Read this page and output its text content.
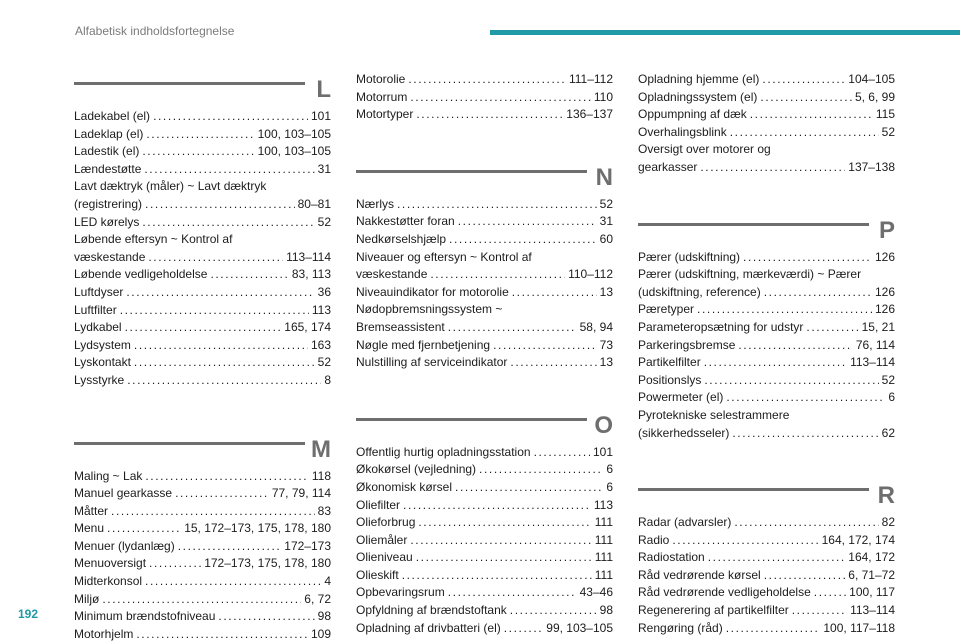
Alfabetisk indholdsfortegnelse
L
Ladekabel (el) .....	101
Ladeklap (el) .....	100, 103–105
Ladestik (el) .....	100, 103–105
Lændestøtte .....	31
Lavt dæktryk (måler) ~ Lavt dæktryk
(registrering) .....	80–81
LED kørelys .....	52
Løbende eftersyn ~ Kontrol af
væskestande .....	113–114
Løbende vedligeholdelse .....	83, 113
Luftdyser .....	36
Luftfilter .....	113
Lydkabel .....	165, 174
Lydsystem .....	163
Lyskontakt .....	52
Lysstyrke .....	8
M
Maling ~ Lak .....	118
Manuel gearkasse .....	77, 79, 114
Måtter .....	83
Menu .....	15, 172–173, 175, 178, 180
Menuer (lydanlæg) .....	172–173
Menuoversigt .....	172–173, 175, 178, 180
Midterkonsol .....	4
Miljø .....	6, 72
Minimum brændstofniveau .....	98
Motorhjelm .....	109
Motorolie .....	111–112
Motorrum .....	110
Motortyper .....	136–137
N
Nærlys .....	52
Nakkestøtter foran .....	31
Nedkørselshjælp .....	60
Niveauer og eftersyn ~ Kontrol af
væskestande .....	110–112
Niveauindikator for motorolie .....	13
Nødopbremsningssystem ~
Bremseassistent .....	58, 94
Nøgle med fjernbetjening .....	73
Nulstilling af serviceindikator .....	13
O
Offentlig hurtig opladningsstation .....	101
Økokørsel (vejledning) .....	6
Økonomisk kørsel .....	6
Oliefilter .....	113
Olieforbrug .....	111
Oliemåler .....	111
Olieniveau .....	111
Olieskift .....	111
Opbevaringsrum .....	43–46
Opfyldning af brændstoftank .....	98
Opladning af drivbatteri (el) .....	99, 103–105
Opladning hjemme (el) .....	104–105
Opladningssystem (el) .....	5, 6, 99
Oppumpning af dæk .....	115
Overhalingsblink .....	52
Oversigt over motorer og
gearkasser .....	137–138
P
Pærer (udskiftning) .....	126
Pærer (udskiftning, mærkeværdi) ~ Pærer
(udskiftning, reference) .....	126
Pæretyper .....	126
Parameteropsætning for udstyr .....	15, 21
Parkeringsbremse .....	76, 114
Partikelfilter .....	113–114
Positionslys .....	52
Powermeter (el) .....	6
Pyrotekniske selestrammere
(sikkerhedsseler) .....	62
R
Radar (advarsler) .....	82
Radio .....	164, 172, 174
Radiostation .....	164, 172
Råd vedrørende kørsel .....	6, 71–72
Råd vedrørende vedligeholdelse .....	100, 117
Regenerering af partikelfilter .....	113–114
Rengøring (råd) .....	100, 117–118
192
